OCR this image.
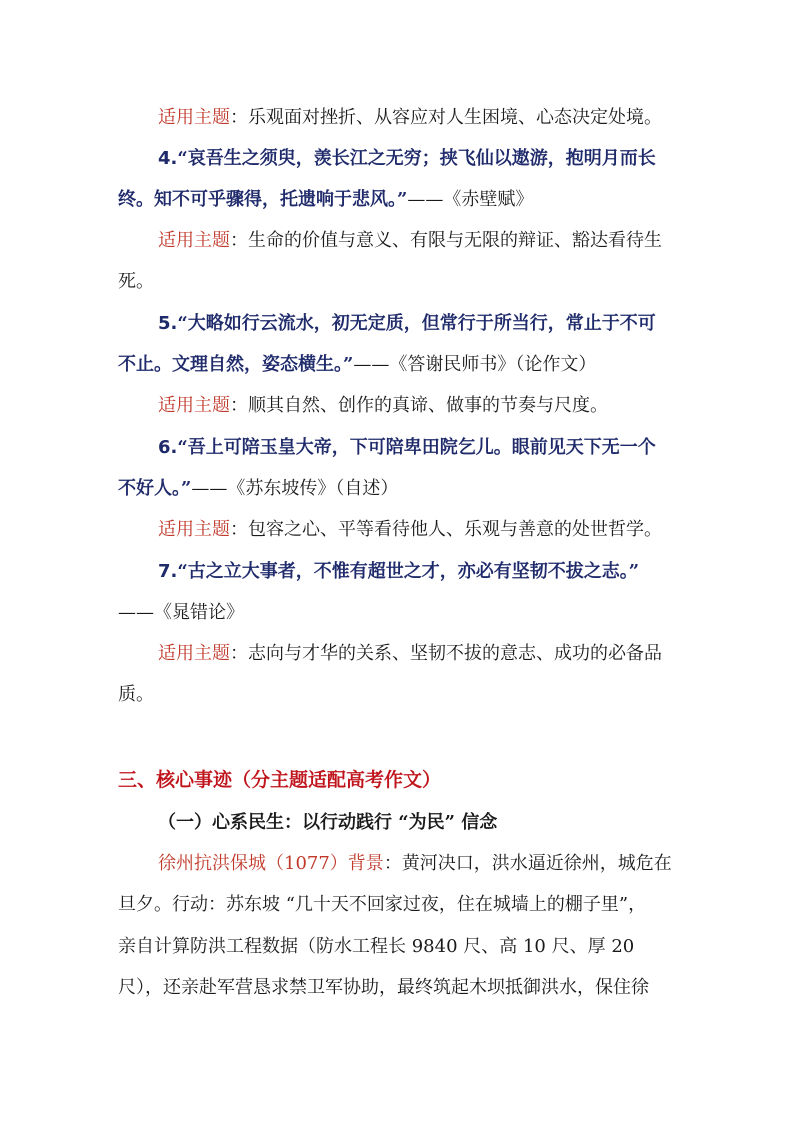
适用主题：乐观面对挫折、从容应对人生困境、心态决定处境。
4.“哀吾生之须臾，羡长江之无穷；挟飞仙以遨游，抱明月而长
终。知不可乎骤得，托遗响于悲风。”——《赤壁赋》
适用主题：生命的价值与意义、有限与无限的辩证、豁达看待生
死。
5.“大略如行云流水，初无定质，但常行于所当行，常止于不可
不止。文理自然，姿态横生。”——《答谢民师书》（论作文）
适用主题：顺其自然、创作的真谛、做事的节奏与尺度。
6.“吾上可陪玉皇大帝，下可陪卑田院乞儿。眼前见天下无一个
不好人。”——《苏东坡传》（自述）
适用主题：包容之心、平等看待他人、乐观与善意的处世哲学。
7.“古之立大事者，不惟有超世之才，亦必有坚韧不拔之志。”
——《晁错论》
适用主题：志向与才华的关系、坚韧不拔的意志、成功的必备品
质。
三、核心事迹（分主题适配高考作文）
（一）心系民生：以行动践行 “为民” 信念
徐州抗洪保城（1077）背景：黄河决口，洪水逼近徐州，城危在
旦夕。行动：苏东坡 “几十天不回家过夜，住在城墙上的棚子里”，
亲自计算防洪工程数据（防水工程长 9840 尺、高 10 尺、厚 20
尺），还亲赴军营恳求禁卫军协助，最终筑起木坝抵御洪水，保住徐
